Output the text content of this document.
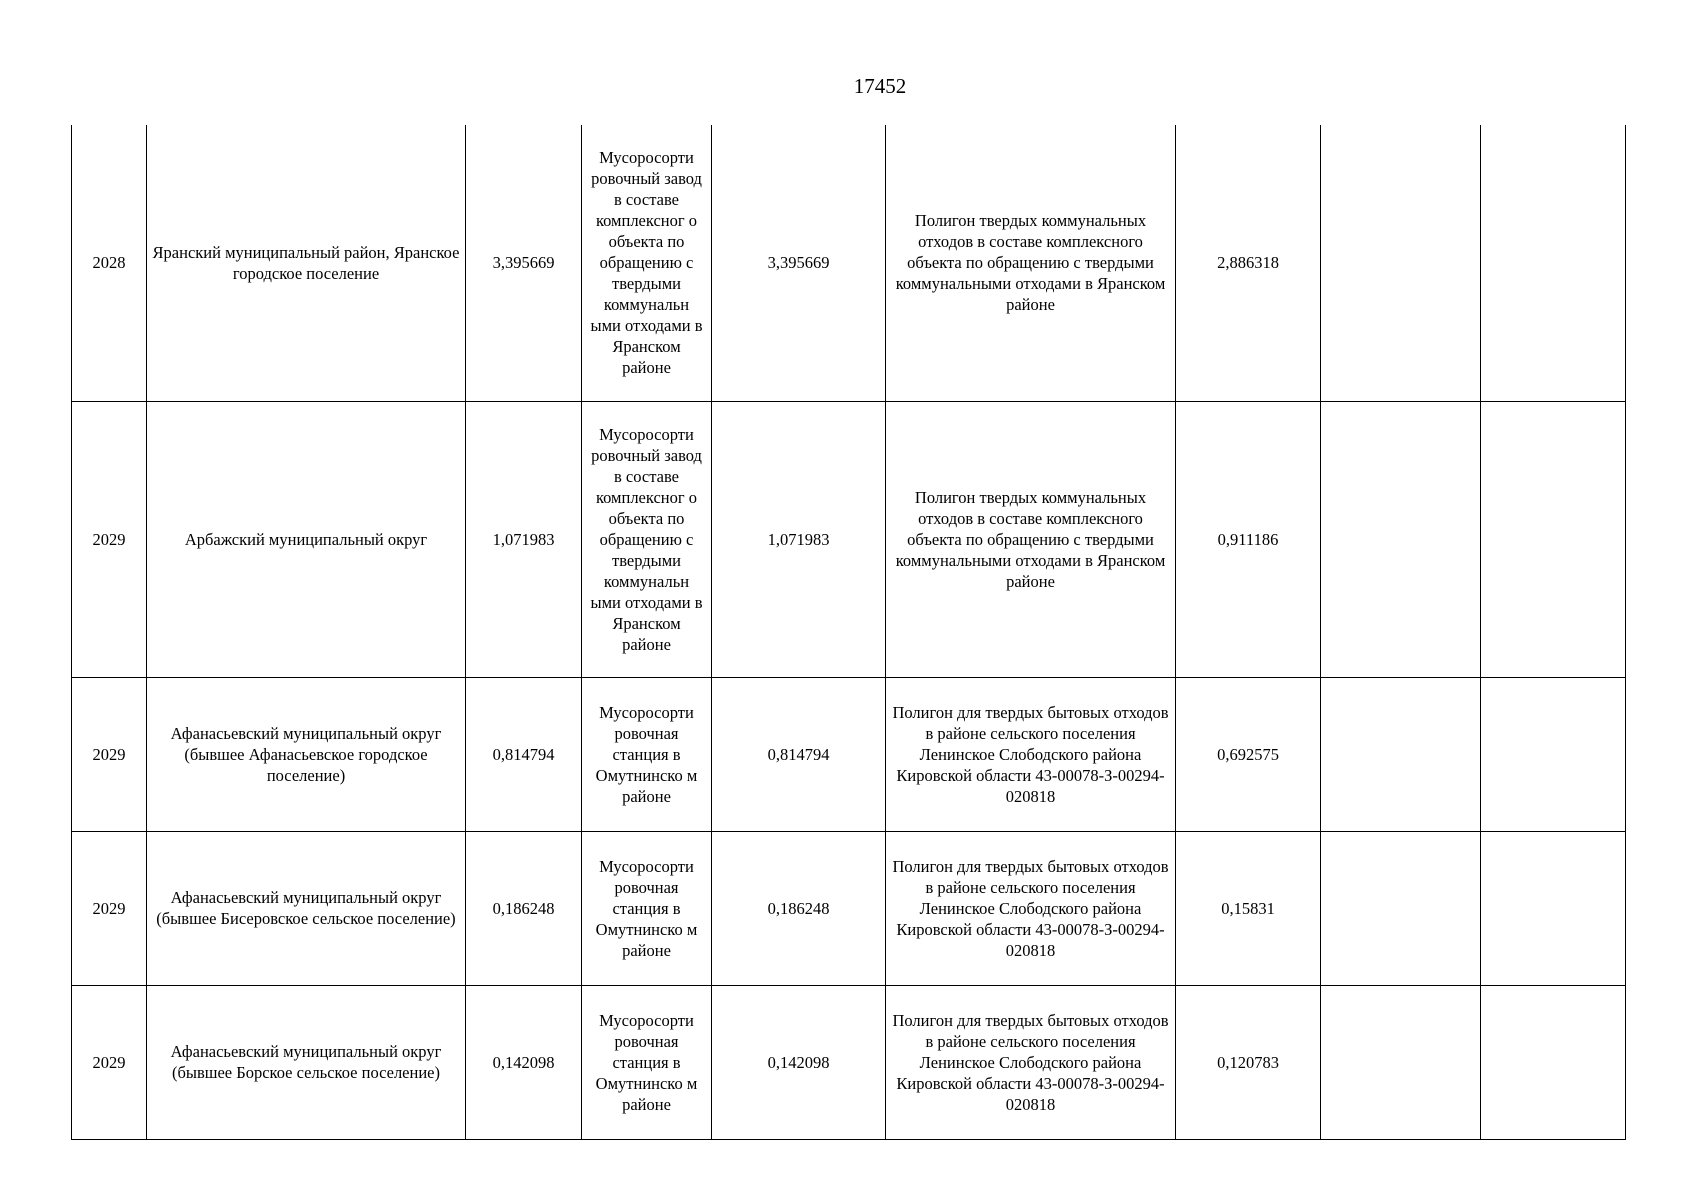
17452
2028	Яранский муниципальный район, Яранское городское поселение	3,395669	Мусоросорти ровочный завод в составе комплексног о объекта по обращению с твердыми коммунальн ыми отходами в Яранском районе	3,395669	Полигон твердых коммунальных отходов в составе комплексного объекта по обращению с твердыми коммунальными отходами в Яранском районе	2,886318		
2029	Арбажский муниципальный округ	1,071983	Мусоросорти ровочный завод в составе комплексног о объекта по обращению с твердыми коммунальн ыми отходами в Яранском районе	1,071983	Полигон твердых коммунальных отходов в составе комплексного объекта по обращению с твердыми коммунальными отходами в Яранском районе	0,911186		
2029	Афанасьевский муниципальный округ (бывшее Афанасьевское городское поселение)	0,814794	Мусоросорти ровочная станция в Омутнинско м районе	0,814794	Полигон для твердых бытовых отходов в районе сельского поселения Ленинское Слободского района Кировской области 43-00078-З-00294-020818	0,692575		
2029	Афанасьевский муниципальный округ (бывшее Бисеровское сельское поселение)	0,186248	Мусоросорти ровочная станция в Омутнинско м районе	0,186248	Полигон для твердых бытовых отходов в районе сельского поселения Ленинское Слободского района Кировской области 43-00078-З-00294-020818	0,15831		
2029	Афанасьевский муниципальный округ (бывшее Борское сельское поселение)	0,142098	Мусоросорти ровочная станция в Омутнинско м районе	0,142098	Полигон для твердых бытовых отходов в районе сельского поселения Ленинское Слободского района Кировской области 43-00078-З-00294-020818	0,120783		
